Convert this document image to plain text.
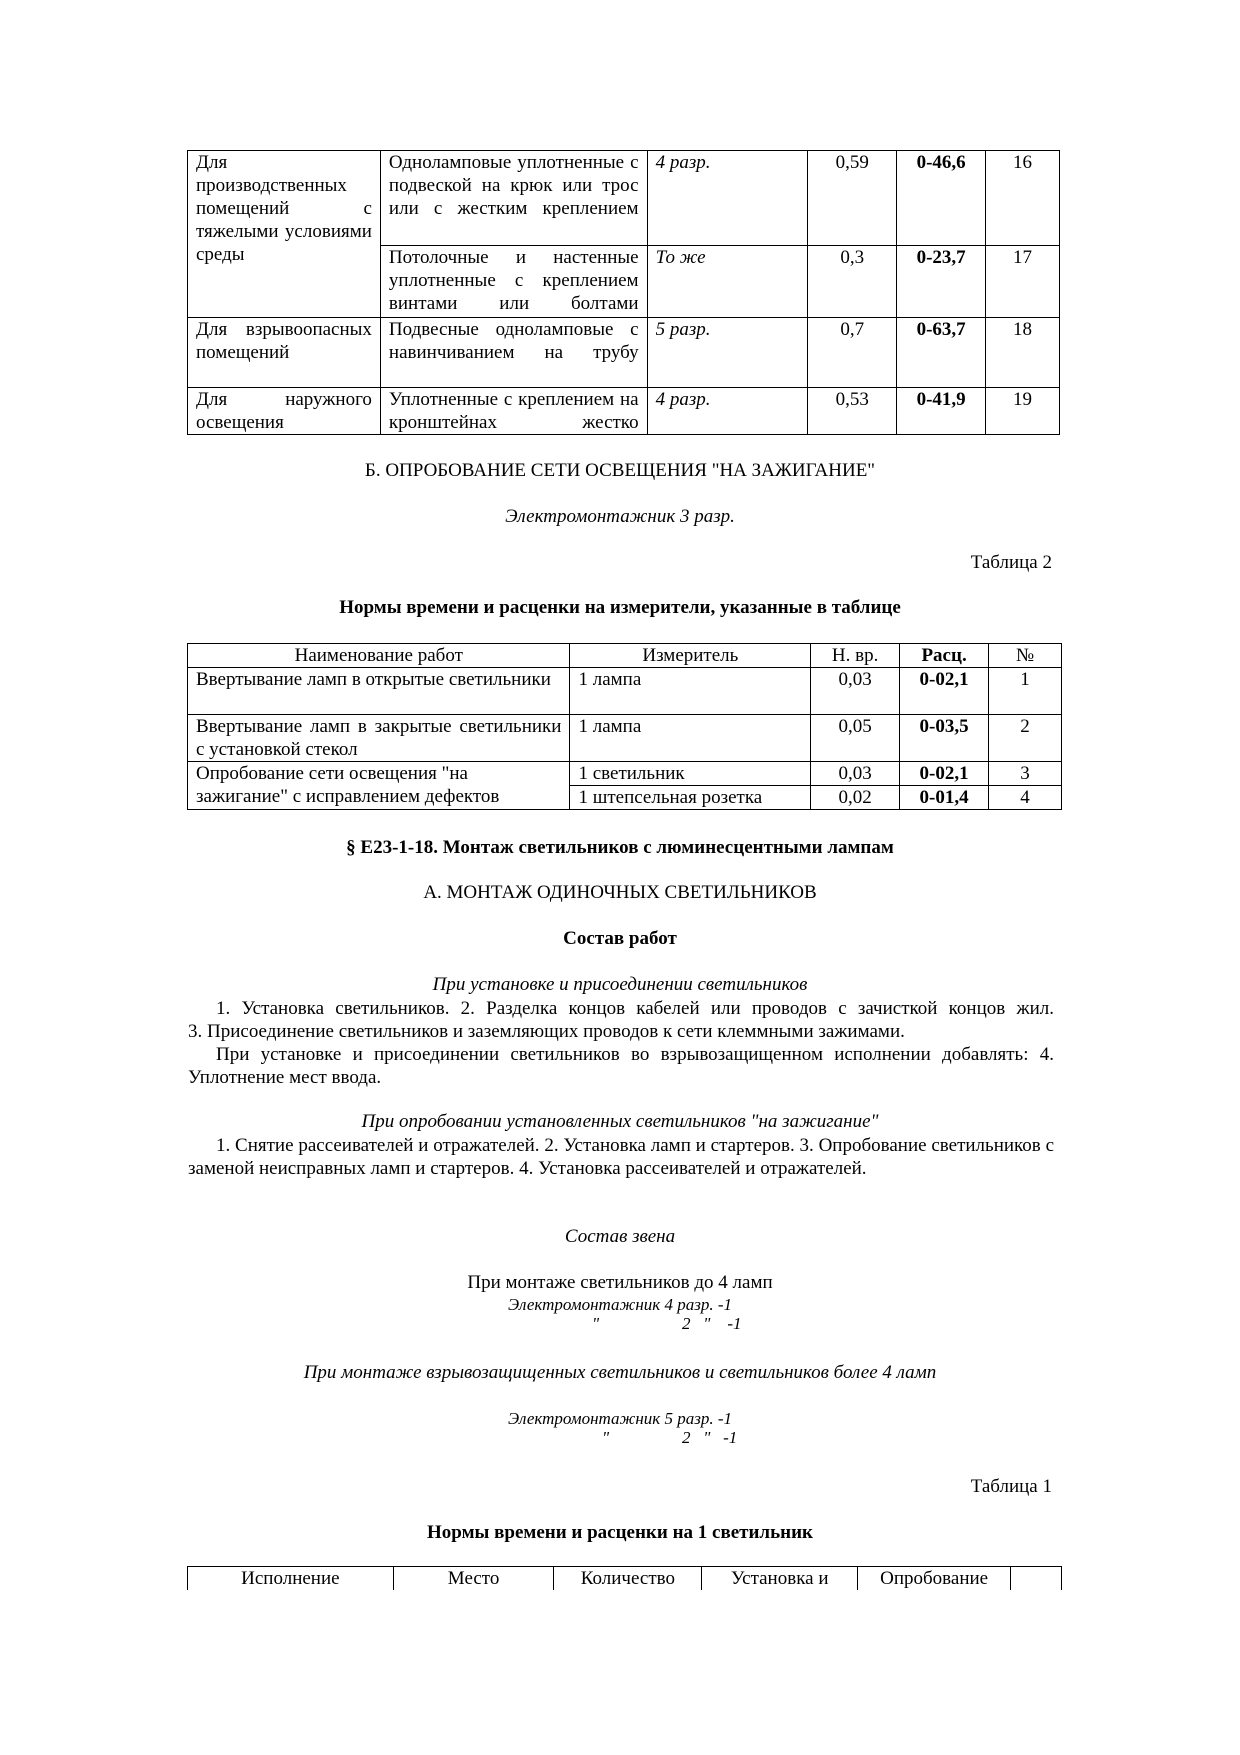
Для производственных помещений с тяжелыми условиями среды	Одноламповые уплотненные с подвеской на крюк или трос или с жестким креплением	4 разр.	0,59	0-46,6	16

	Потолочные и настенные уплотненные с креплением винтами или болтами	То же	0,3	0-23,7	17

Для взрывоопасных помещений	Подвесные одноламповые с навинчиванием на трубу	5 разр.	0,7	0-63,7	18

Для наружного освещения	Уплотненные с креплением на кронштейнах жестко	4 разр.	0,53	0-41,9	19
Б. ОПРОБОВАНИЕ СЕТИ ОСВЕЩЕНИЯ "НА ЗАЖИГАНИЕ"
Электромонтажник 3 разр.
Таблица 2
Нормы времени и расценки на измерители, указанные в таблице
Наименование работ	Измеритель	Н. вр.	Расц.	№

Ввертывание ламп в открытые светильники	1 лампа	0,03	0-02,1	1

Ввертывание ламп в закрытые светильники с установкой стекол	1 лампа	0,05	0-03,5	2

Опробование сети освещения "на зажигание" с исправлением дефектов	1 светильник	0,03	0-02,1	3
	1 штепсельная розетка	0,02	0-01,4	4
§ Е23-1-18. Монтаж светильников с люминесцентными лампам
А. МОНТАЖ ОДИНОЧНЫХ СВЕТИЛЬНИКОВ
Состав работ
При установке и присоединении светильников
1. Установка светильников. 2. Разделка концов кабелей или проводов с зачисткой концов жил.
3. Присоединение светильников и заземляющих проводов к сети клеммными зажимами.
При установке и присоединении светильников во взрывозащищенном исполнении добавлять: 4. Уплотнение мест ввода.
При опробовании установленных светильников "на зажигание"
1. Снятие рассеивателей и отражателей. 2. Установка ламп и стартеров. 3. Опробование светильников с заменой неисправных ламп и стартеров. 4. Установка рассеивателей и отражателей.
Состав звена
При монтаже светильников до 4 ламп
Электромонтажник 4 разр. -1
"	2   "    -1
При монтаже взрывозащищенных светильников и светильников более 4 ламп
Электромонтажник 5 разр. -1
"	2   "   -1
Таблица 1
Нормы времени и расценки на 1 светильник
Исполнение	Место	Количество	Установка и	Опробование	
